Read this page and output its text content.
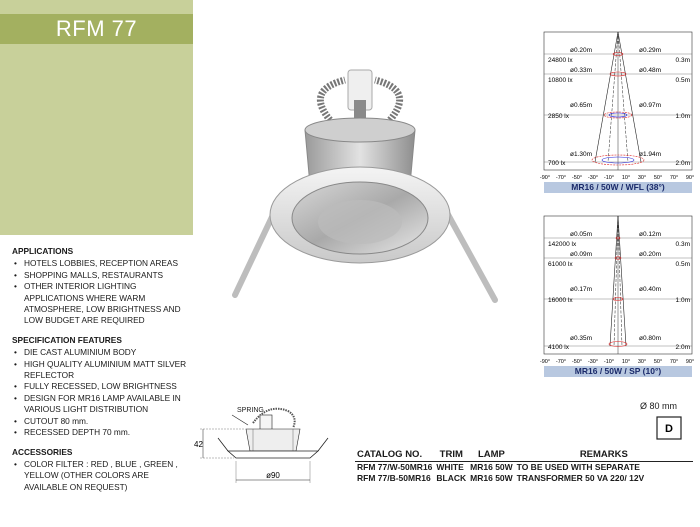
RFM 77
APPLICATIONS
• HOTELS LOBBIES, RECEPTION AREAS
• SHOPPING MALLS, RESTAURANTS
• OTHER INTERIOR LIGHTING APPLICATIONS WHERE WARM ATMOSPHERE, LOW BRIGHTNESS AND LOW BUDGET ARE REQUIRED
SPECIFICATION FEATURES
• DIE CAST ALUMINIUM BODY
• HIGH QUALITY ALUMINIUM MATT SILVER REFLECTOR
• FULLY RECESSED, LOW BRIGHTNESS
• DESIGN FOR MR16 LAMP AVAILABLE IN VARIOUS LIGHT DISTRIBUTION
• CUTOUT 80 mm.
• RECESSED DEPTH 70 mm.
ACCESSORIES
• COLOR FILTER : RED , BLUE , GREEN , YELLOW (OTHER COLORS ARE AVAILABLE ON REQUEST)
ø0.20m	ø0.29m
24800 lx	0.3m
ø0.33m	ø0.48m
10800 lx	0.5m
ø0.65m	ø0.97m
2850 lx	1.0m
ø1.30m	ø1.94m
700 lx	2.0m
-90° -70° -50° -30° -10° 10° 30° 50° 70° 90°
MR16 / 50W / WFL (38°)
ø0.05m	ø0.12m
142000 lx	0.3m
ø0.09m	ø0.20m
61000 lx	0.5m
ø0.17m	ø0.40m
16000 lx	1.0m
ø0.35m	ø0.80m
4100 lx	2.0m
-90° -70° -50° -30° -10° 10° 30° 50° 70° 90°
MR16 / 50W / SP (10°)
Ø 80 mm
D
SPRING
42
ø90
CATALOG NO.	TRIM	LAMP	REMARKS
RFM 77/W-50MR16	WHITE	MR16 50W	TO BE USED WITH SEPARATE TRANSFORMER 50 VA 220/ 12V
RFM 77/B-50MR16	BLACK	MR16 50W	
